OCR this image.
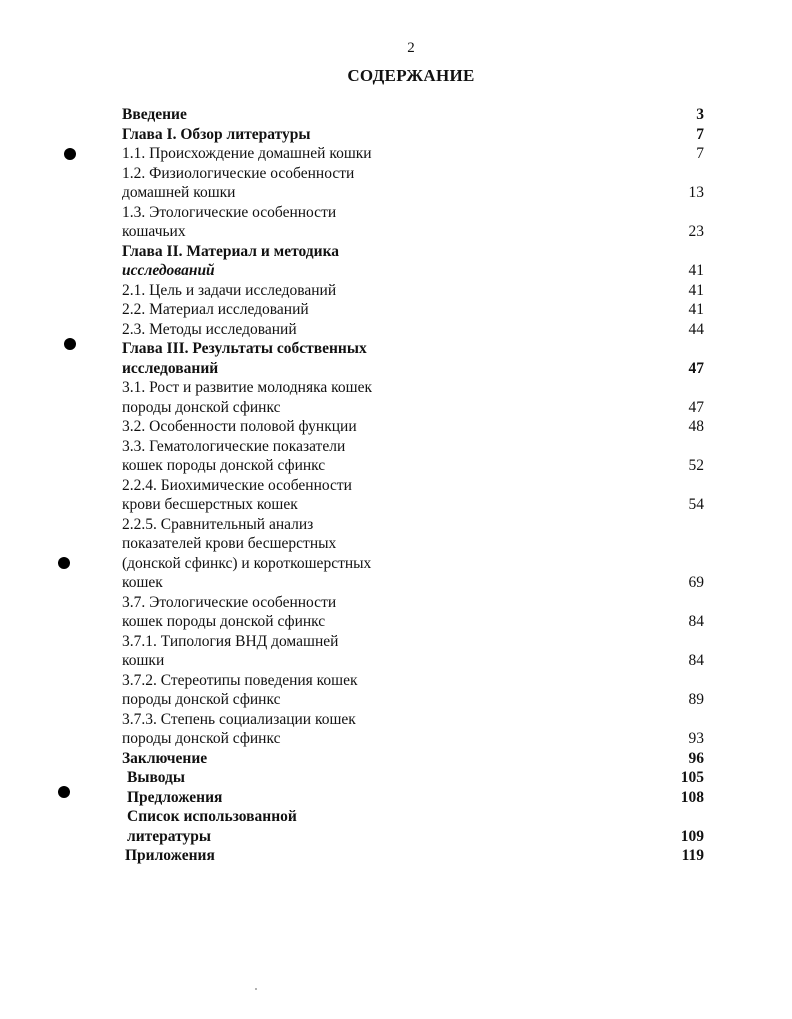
2
СОДЕРЖАНИЕ
Введение	3
Глава I. Обзор литературы	7
1.1. Происхождение домашней кошки	7
1.2. Физиологические особенности
домашней кошки	13
1.3. Этологические особенности
кошачьих	23
Глава II. Материал и методика
исследований	41
2.1. Цель и задачи исследований	41
2.2. Материал исследований	41
2.3. Методы исследований	44
Глава III. Результаты собственных
исследований	47
3.1. Рост и развитие молодняка кошек
породы донской сфинкс	47
3.2. Особенности половой функции	48
3.3. Гематологические показатели
кошек породы донской сфинкс	52
2.2.4. Биохимические особенности
крови бесшерстных кошек	54
2.2.5. Сравнительный анализ
показателей крови бесшерстных
(донской сфинкс) и короткошерстных
кошек	69
3.7. Этологические особенности
кошек породы донской сфинкс	84
3.7.1. Типология ВНД домашней
кошки	84
3.7.2. Стереотипы поведения кошек
породы донской сфинкс	89
3.7.3. Степень социализации кошек
породы донской сфинкс	93
Заключение	96
Выводы	105
Предложения	108
Список использованной
литературы	109
Приложения	119
